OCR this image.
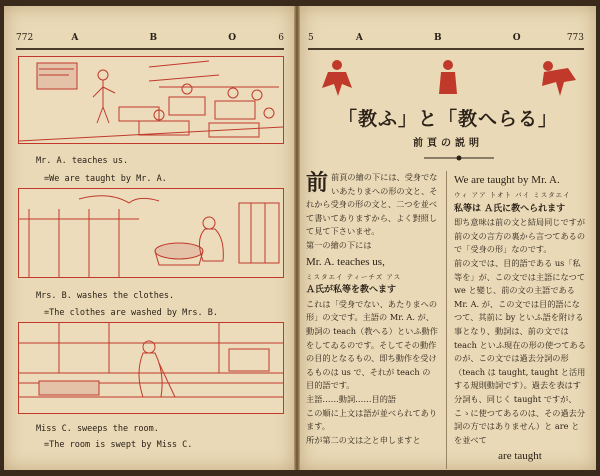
772	A B O 6
Mr. A. teaches us.
=We are taught by Mr. A.
Mrs. B. washes the clothes.
=The clothes are washed by Mrs. B.
Miss C. sweeps the room.
=The room is swept by Miss C.
5	A B O 773
「教ふ」と「教へらる」
前頁の説明

前前頁の繪の下には、受身でないあたりまへの形の文と、それから受身の形の文と、二つを並べて書いてありますから、よく對照して見て下さいませ。

第一の繪の下には

Mr. A. teaches us,

ミスタエイ ティーチズ アス

Ａ氏が私等を教へます

これは「受身でない、あたりまへの形」の文です。主語の Mr. A. が、動詞の teach（教へる）といふ動作をしてゐるのです。そしてその動作の目的となるもの、即ち動作を受けるものは us で、それが teach の目的語です。

主語……動詞……目的語

この順に上文は語が並べられてあります。

所が第二の文は之と申しますと

We are taught by Mr. A.

ウィ アア トオト バイ ミスタエイ

私等は Ａ氏に教へられます

即ち意味は前の文と結局同じですが前の文の言方の裏から言つてあるので「受身の形」なのです。

前の文では、目的語である us「私等を」が、この文では主語になつて we と變じ、前の文の主語である Mr. A. が、この文では目的語になつて、其前に by といふ語を附ける事となり、動詞は、前の文では teach といふ現在の形の使つてあるのが、この文では過去分詞の形（teach は taught, taught と活用する規則動詞です）。過去を表はす分詞も、同じく taught ですが、こゝに使つてあるのは、その過去分詞の方ではありません）と are とを並べて

are taught
